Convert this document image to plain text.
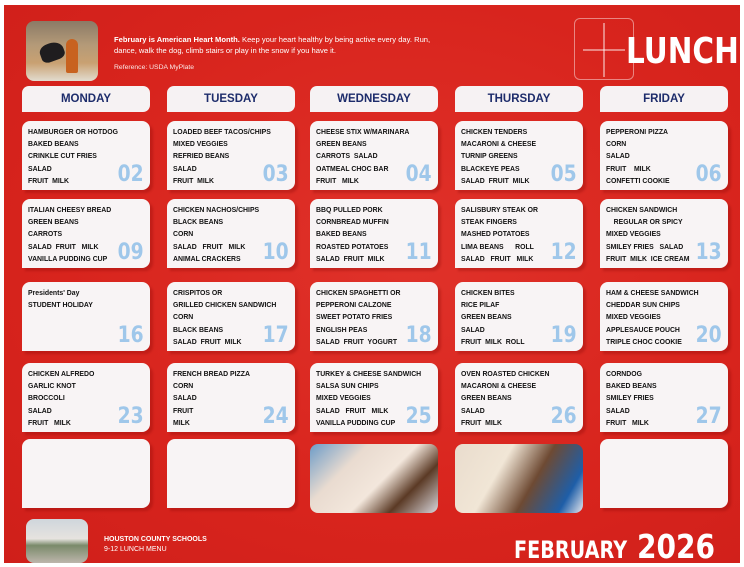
February is American Heart Month. Keep your heart healthy by being active every day. Run, dance, walk the dog, climb stairs or play in the snow if you have it.
Reference: USDA MyPlate	LUNCH
HOUSTON COUNTY SCHOOLS
9-12 LUNCH MENU	FEBRUARY 2026
MONDAY	TUESDAY	WEDNESDAY	THURSDAY	FRIDAY
HAMBURGER OR HOTDOG
BAKED BEANS
CRINKLE CUT FRIES
SALAD
FRUIT  MILK	02
LOADED BEEF TACOS/CHIPS
MIXED VEGGIES
REFRIED BEANS
SALAD
FRUIT  MILK	03
CHEESE STIX W/MARINARA
GREEN BEANS
CARROTS  SALAD
OATMEAL CHOC BAR
FRUIT   MILK	04
CHICKEN TENDERS
MACARONI & CHEESE
TURNIP GREENS
BLACKEYE PEAS
SALAD  FRUIT  MILK 05
PEPPERONI PIZZA
CORN
SALAD
FRUIT    MILK
CONFETTI COOKIE	06
ITALIAN CHEESY BREAD
GREEN BEANS
CARROTS
SALAD  FRUIT   MILK
VANILLA PUDDING CUP 09
CHICKEN NACHOS/CHIPS
BLACK BEANS
CORN
SALAD   FRUIT   MILK
ANIMAL CRACKERS	10
BBQ PULLED PORK
CORNBREAD MUFFIN
BAKED BEANS
ROASTED POTATOES
SALAD  FRUIT  MILK 11
SALISBURY STEAK OR
STEAK FINGERS
MASHED POTATOES
LIMA BEANS      ROLL
SALAD   FRUIT   MILK 12
CHICKEN SANDWICH
REGULAR OR SPICY
MIXED VEGGIES
SMILEY FRIES   SALAD
FRUIT  MILK  ICE CREAM 13
Presidents' Day
STUDENT HOLIDAY
16
CRISPITOS OR
GRILLED CHICKEN SANDWICH
CORN
BLACK BEANS
SALAD  FRUIT  MILK 17
CHICKEN SPAGHETTI OR
PEPPERONI CALZONE
SWEET POTATO FRIES
ENGLISH PEAS
SALAD  FRUIT  YOGURT 18
CHICKEN BITES
RICE PILAF
GREEN BEANS
SALAD
FRUIT  MILK  ROLL	19
HAM & CHEESE SANDWICH
CHEDDAR SUN CHIPS
MIXED VEGGIES
APPLESAUCE POUCH
TRIPLE CHOC COOKIE 20
CHICKEN ALFREDO
GARLIC KNOT
BROCCOLI
SALAD
FRUIT   MILK	23
FRENCH BREAD PIZZA
CORN
SALAD
FRUIT
MILK	24
TURKEY & CHEESE SANDWICH
SALSA SUN CHIPS
MIXED VEGGIES
SALAD   FRUIT   MILK
VANILLA PUDDING CUP 25
OVEN ROASTED CHICKEN
MACARONI & CHEESE
GREEN BEANS
SALAD
FRUIT  MILK	26
CORNDOG
BAKED BEANS
SMILEY FRIES
SALAD
FRUIT   MILK	27
